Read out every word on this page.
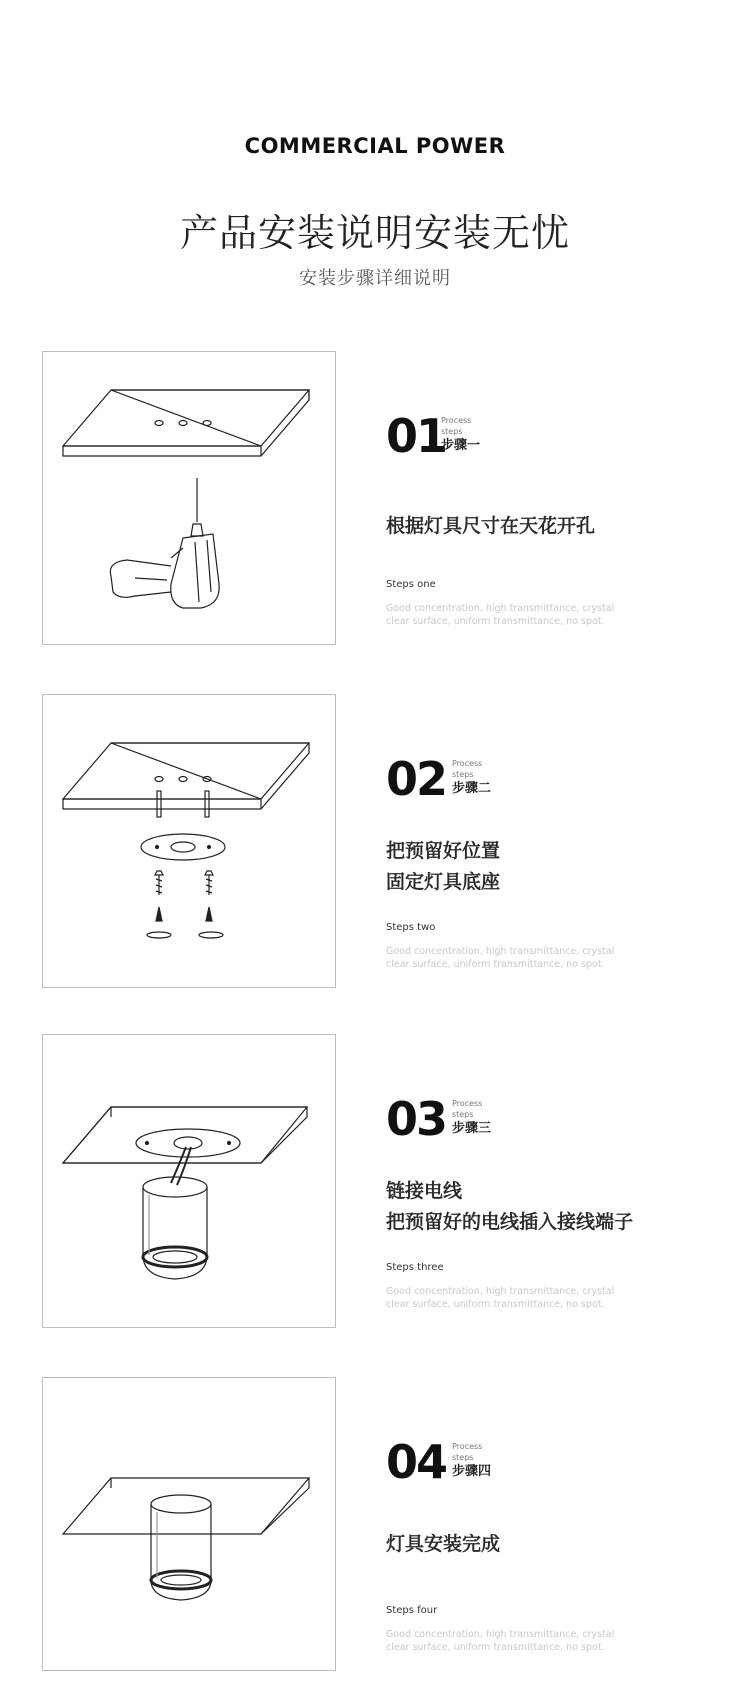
COMMERCIAL POWER
产品安装说明安装无忧
安装步骤详细说明
01
Process
steps
步骤一
根据灯具尺寸在天花开孔
Steps one
Good concentration, high transmittance, crystal
clear surface, uniform transmittance, no spot.
02 Process
steps
步骤二
把预留好位置
固定灯具底座
Steps two
Good concentration, high transmittance, crystal
clear surface, uniform transmittance, no spot.
03 Process
steps
步骤三
链接电线
把预留好的电线插入接线端子
Steps three
Good concentration, high transmittance, crystal
clear surface, uniform transmittance, no spot.
04 Process
steps
步骤四
灯具安装完成
Steps four
Good concentration, high transmittance, crystal
clear surface, uniform transmittance, no spot.
